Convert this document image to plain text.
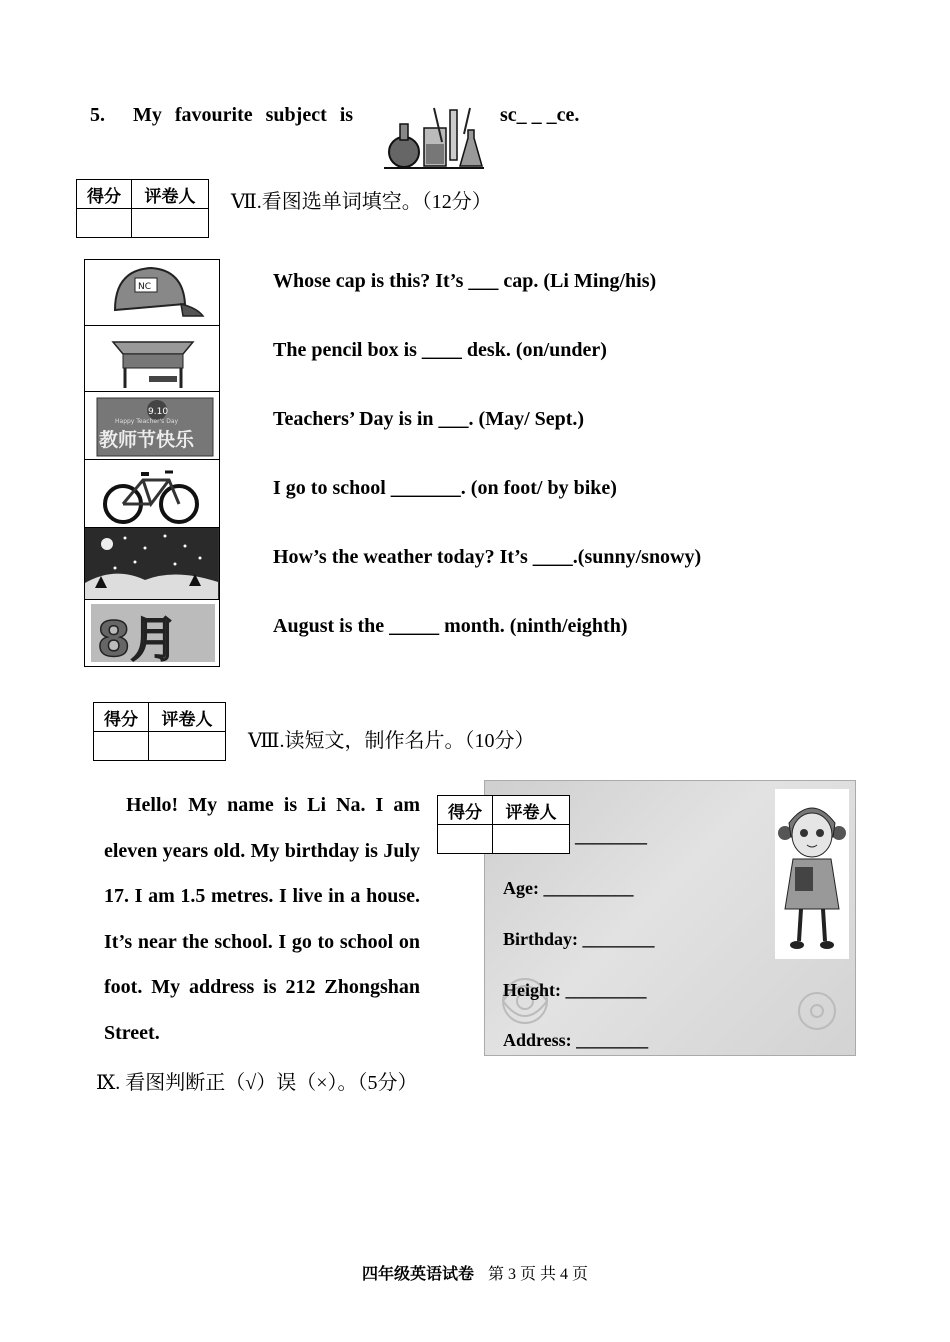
5. My favourite subject is	sc_ _ _ce.
得分	评卷人
	Ⅶ.看图选单词填空。（12分）
NC
9.10
Happy Teacher's Day
教师节快乐
8月
Whose cap is this? It’s ___ cap. (Li Ming/his)
The pencil box is ____ desk. (on/under)
Teachers’ Day is in ___. (May/ Sept.)
I go to school _______. (on foot/ by bike)
How’s the weather today? It’s ____.(sunny/snowy)
August is the _____ month. (ninth/eighth)
得分	评卷人

Ⅷ.读短文，制作名片。（10分）

Hello! My name is Li Na. I am eleven years old. My birthday is July 17. I am 1.5 metres. I live in a house. It’s near the school. I go to school on foot. My address is 212 Zhongshan Street.

________
Age: __________
Birthday: ________
Height: _________
Address: ________
得分	评卷人

Ⅸ. 看图判断正（√）误（×）。（5分）
四年级英语试卷 第 3 页 共 4 页
